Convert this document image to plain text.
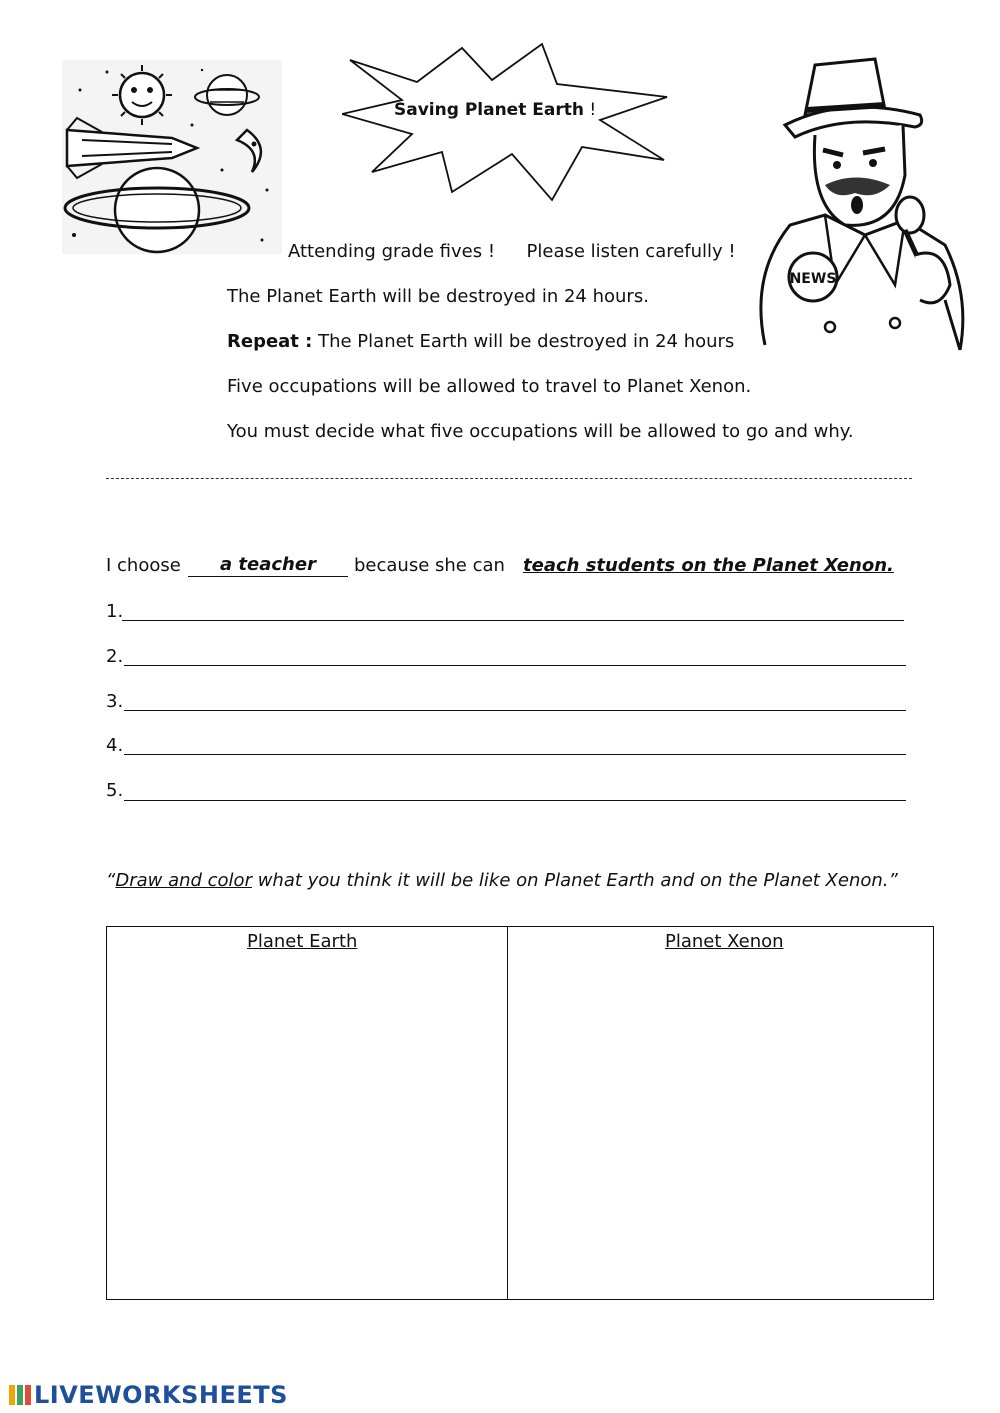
Saving Planet Earth !
NEWS
Attending grade fives ! Please listen carefully !
The Planet Earth will be destroyed in 24 hours.
Repeat : The Planet Earth will be destroyed in 24 hours
Five occupations will be allowed to travel to Planet Xenon.
You must decide what five occupations will be allowed to go and why.
I choose	a teacher	because she can teach students on the Planet Xenon.
1.
2.
3.
4.
5.
“Draw and color what you think it will be like on Planet Earth and on the Planet Xenon.”
Planet Earth	Planet Xenon
LIVEWORKSHEETS
